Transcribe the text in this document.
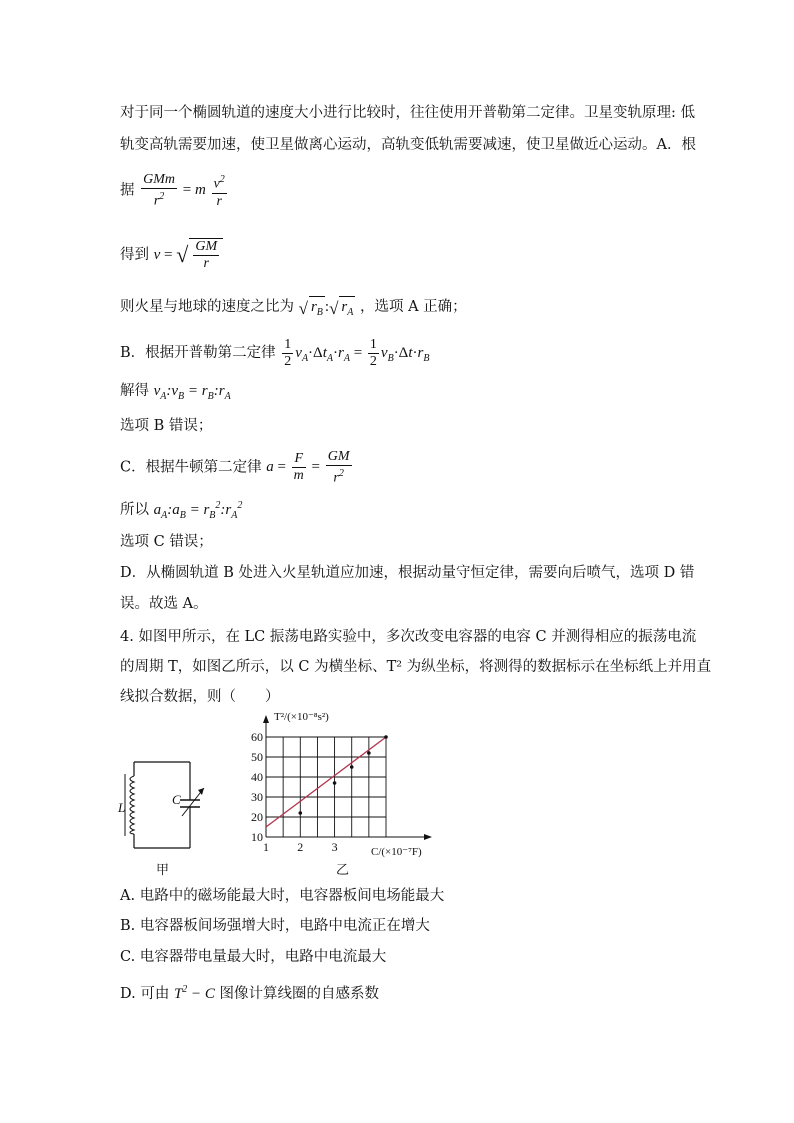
对于同一个椭圆轨道的速度大小进行比较时，往往使用开普勒第二定律。卫星变轨原理: 低
轨变高轨需要加速，使卫星做离心运动，高轨变低轨需要减速，使卫星做近心运动。A．根
据 $\frac{\text{GMm}}{r^2} = m \frac{v^2}{r}$
得到 v = √ $\frac{GM}{r}$
则火星与地球的速度之比为 √ $r_B$ :√ $r_A$ ，选项 A 正确；
B．根据开普勒第二定律 $\frac{1}{2} v_A\cdot\Delta t_A\cdot r_A = \frac{1}{2} v_B\cdot\Delta t\cdot r_B$
解得 $v_A:v_B$ = $r_B:r_A$
选项 B 错误；
C．根据牛顿第二定律 $a = \frac{F}{m} = \frac{GM}{r^2}$
所以 $a_A:a_B$ = $r_B^2:r_A^2$
选项 C 错误；
D．从椭圆轨道 B 处进入火星轨道应加速，根据动量守恒定律，需要向后喷气，选项 D 错
误。故选 A。
4. 如图甲所示，在 LC 振荡电路实验中，多次改变电容器的电容 C 并测得相应的振荡电流
的周期 T，如图乙所示，以 C 为横坐标、T² 为纵坐标，将测得的数据标示在坐标纸上并用直
线拟合数据，则（　　）
L
C
甲
10
20
30
40
50
60
1 2 3
T²/(×10⁻⁸s²)
C/(×10⁻⁷F)
乙
A. 电路中的磁场能最大时，电容器板间电场能最大
B. 电容器板间场强增大时，电路中电流正在增大
C. 电容器带电量最大时，电路中电流最大
D. 可由 $T^2 - C$ 图像计算线圈的自感系数
